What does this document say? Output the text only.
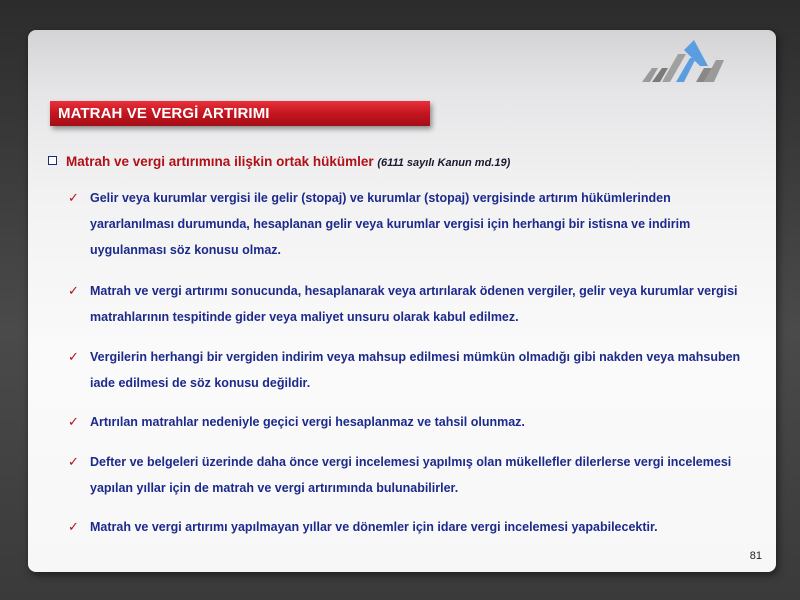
...
MATRAH VE VERGİ ARTIRIMI
Matrah ve vergi artırımına ilişkin ortak hükümler (6111 sayılı Kanun md.19)
✓ Gelir veya kurumlar vergisi ile gelir (stopaj) ve kurumlar (stopaj) vergisinde artırım hükümlerinden yararlanılması durumunda, hesaplanan gelir veya kurumlar vergisi için herhangi bir istisna ve indirim uygulanması söz konusu olmaz.
✓ Matrah ve vergi artırımı sonucunda, hesaplanarak veya artırılarak ödenen vergiler, gelir veya kurumlar vergisi matrahlarının tespitinde gider veya maliyet unsuru olarak kabul edilmez.
✓ Vergilerin herhangi bir vergiden indirim veya mahsup edilmesi mümkün olmadığı gibi nakden veya mahsuben iade edilmesi de söz konusu değildir.
✓ Artırılan matrahlar nedeniyle geçici vergi hesaplanmaz ve tahsil olunmaz.
✓ Defter ve belgeleri üzerinde daha önce vergi incelemesi yapılmış olan mükellefler dilerlerse vergi incelemesi yapılan yıllar için de matrah ve vergi artırımında bulunabilirler.
✓ Matrah ve vergi artırımı yapılmayan yıllar ve dönemler için idare vergi incelemesi yapabilecektir.
81
